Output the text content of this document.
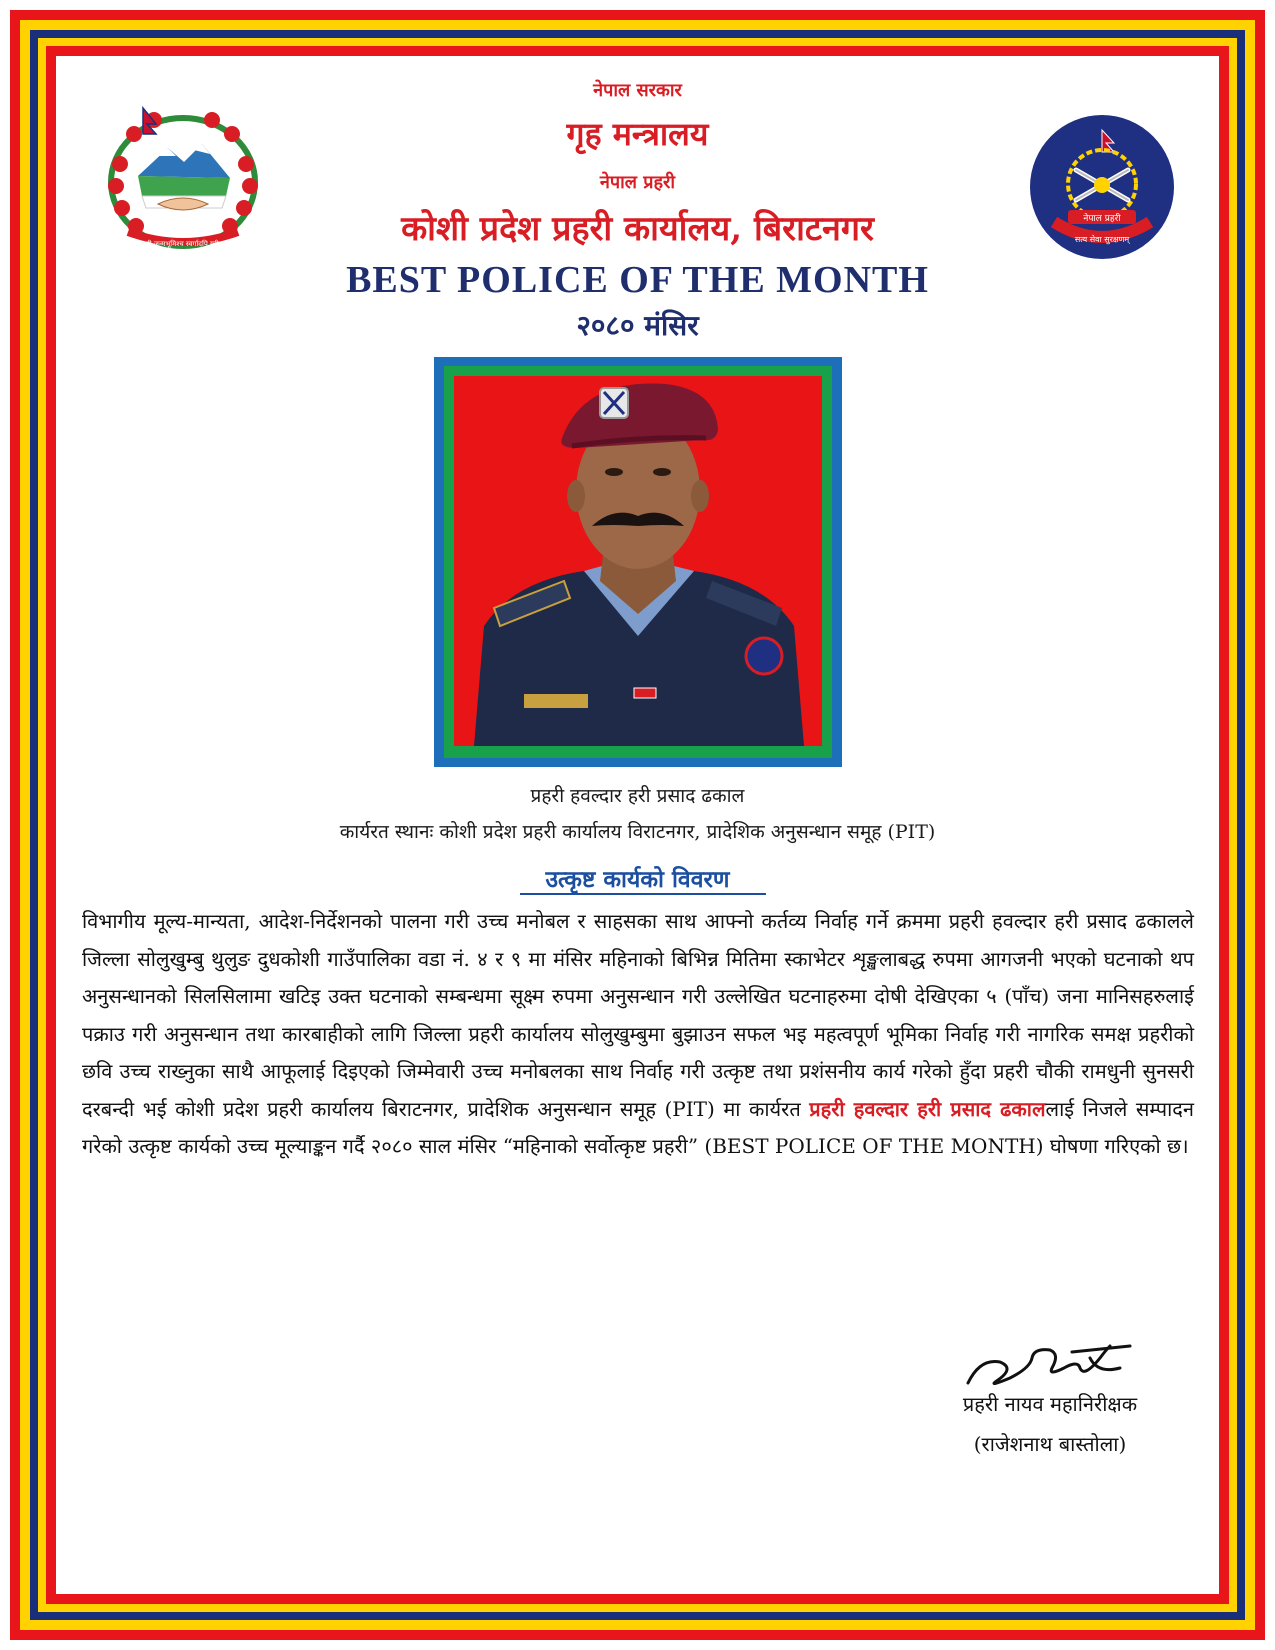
जननी जन्मभूमिश्च स्वर्गादपि गरीयसी
नेपाल प्रहरी
सत्य सेवा सुरक्षणम्

नेपाल सरकार

गृह मन्त्रालय

नेपाल प्रहरी

कोशी प्रदेश प्रहरी कार्यालय, बिराटनगर

BEST POLICE OF THE MONTH

२०८० मंसिर

प्रहरी हवल्दार हरी प्रसाद ढकाल

कार्यरत स्थानः कोशी प्रदेश प्रहरी कार्यालय विराटनगर, प्रादेशिक अनुसन्धान समूह (PIT)

उत्कृष्ट कार्यको विवरण

विभागीय मूल्य-मान्यता, आदेश-निर्देशनको पालना गरी उच्च मनोबल र साहसका साथ आफ्नो कर्तव्य निर्वाह गर्ने क्रममा प्रहरी हवल्दार हरी प्रसाद ढकालले जिल्ला सोलुखुम्बु थुलुङ दुधकोशी गाउँपालिका वडा नं. ४ र ९ मा मंसिर महिनाको बिभिन्न मितिमा स्काभेटर शृङ्खलाबद्ध रुपमा आगजनी भएको घटनाको थप अनुसन्धानको सिलसिलामा खटिइ उक्त घटनाको सम्बन्धमा सूक्ष्म रुपमा अनुसन्धान गरी उल्लेखित घटनाहरुमा दोषी देखिएका ५ (पाँच) जना मानिसहरुलाई पक्राउ गरी अनुसन्धान तथा कारबाहीको लागि जिल्ला प्रहरी कार्यालय सोलुखुम्बुमा बुझाउन सफल भइ महत्वपूर्ण भूमिका निर्वाह गरी नागरिक समक्ष प्रहरीको छवि उच्च राख्नुका साथै आफूलाई दिइएको जिम्मेवारी उच्च मनोबलका साथ निर्वाह गरी उत्कृष्ट तथा प्रशंसनीय कार्य गरेको हुँदा प्रहरी चौकी रामधुनी सुनसरी दरबन्दी भई कोशी प्रदेश प्रहरी कार्यालय बिराटनगर, प्रादेशिक अनुसन्धान समूह (PIT) मा कार्यरत प्रहरी हवल्दार हरी प्रसाद ढकाललाई निजले सम्पादन गरेको उत्कृष्ट कार्यको उच्च मूल्याङ्कन गर्दै २०८० साल मंसिर “महिनाको सर्वोत्कृष्ट प्रहरी” (BEST POLICE OF THE MONTH) घोषणा गरिएको छ।

प्रहरी नायव महानिरीक्षक

(राजेशनाथ बास्तोला)
